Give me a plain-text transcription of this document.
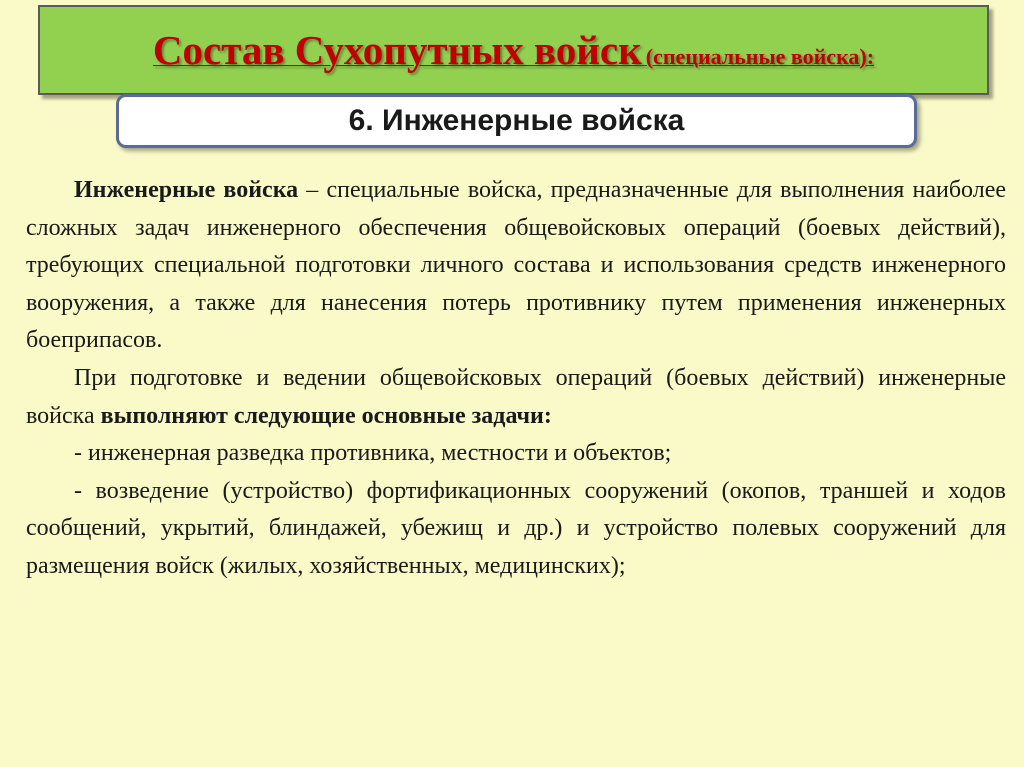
Состав Сухопутных войск (специальные войска):
6. Инженерные войска

Инженерные войска – специальные войска, предназначенные для выполнения наиболее сложных задач инженерного обеспечения общевойсковых операций (боевых действий), требующих специальной подготовки личного состава и использования средств инженерного вооружения, а также для нанесения потерь противнику путем применения инженерных боеприпасов.

При подготовке и ведении общевойсковых операций (боевых действий) инженерные войска выполняют следующие основные задачи:

- инженерная разведка противника, местности и объектов;

- возведение (устройство) фортификационных сооружений (окопов, траншей и ходов сообщений, укрытий, блиндажей, убежищ и др.) и устройство полевых сооружений для размещения войск (жилых, хозяйственных, медицинских);
